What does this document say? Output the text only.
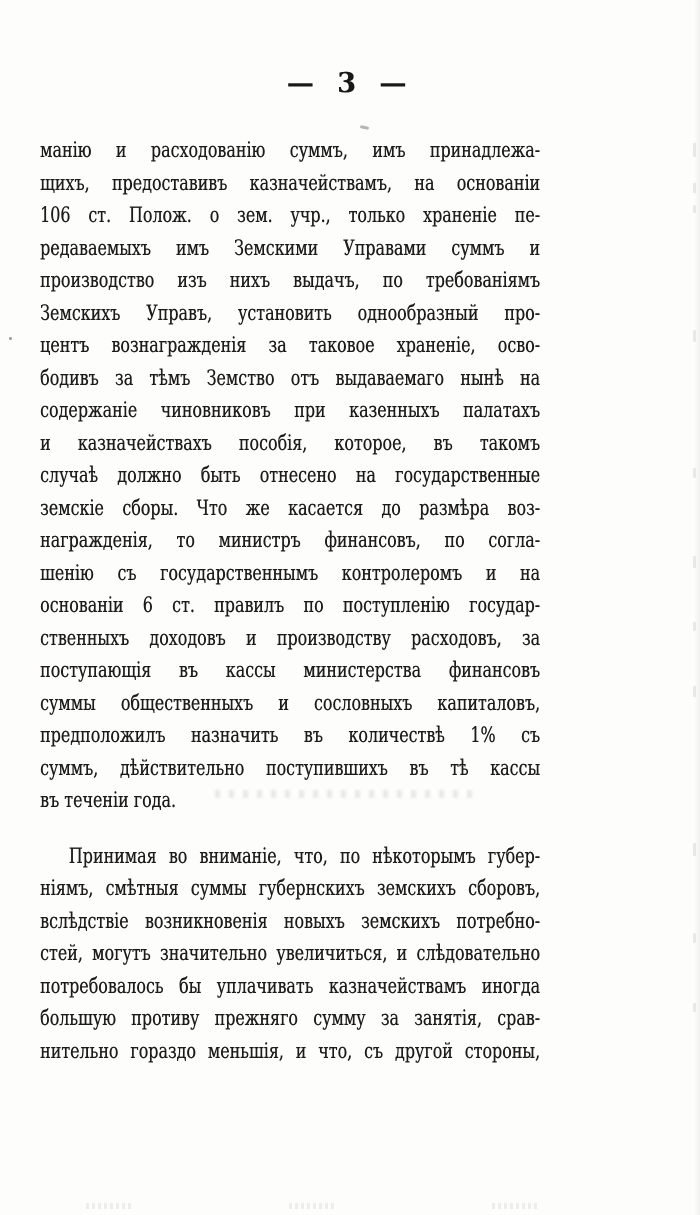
— 3 —
манію и расходованію суммъ, имъ принадлежа-
щихъ, предоставивъ казначействамъ, на основаніи
106 ст. Полож. о зем. учр., только храненіе пе-
редаваемыхъ имъ Земскими Управами суммъ и
производство изъ нихъ выдачъ, по требованіямъ
Земскихъ Управъ, установить однообразный про-
центъ вознагражденія за таковое храненіе, осво-
бодивъ за тѣмъ Земство отъ выдаваемаго нынѣ на
содержаніе чиновниковъ при казенныхъ палатахъ
и казначействахъ пособія, которое, въ такомъ
случаѣ должно быть отнесено на государственные
земскіе сборы. Что же касается до размѣра воз-
награжденія, то министръ финансовъ, по согла-
шенію съ государственнымъ контролеромъ и на
основаніи 6 ст. правилъ по поступленію государ-
ственныхъ доходовъ и производству расходовъ, за
поступающія въ кассы министерства финансовъ
суммы общественныхъ и сословныхъ капиталовъ,
предположилъ назначить въ количествѣ 1% съ
суммъ, дѣйствительно поступившихъ въ тѣ кассы
въ теченіи года.
Принимая во вниманіе, что, по нѣкоторымъ губер-
ніямъ, смѣтныя суммы губернскихъ земскихъ сборовъ,
вслѣдствіе возникновенія новыхъ земскихъ потребно-
стей, могутъ значительно увеличиться, и слѣдовательно
потребовалось бы уплачивать казначействамъ иногда
большую противу прежняго сумму за занятія, срав-
нительно гораздо меньшія, и что, съ другой стороны,
